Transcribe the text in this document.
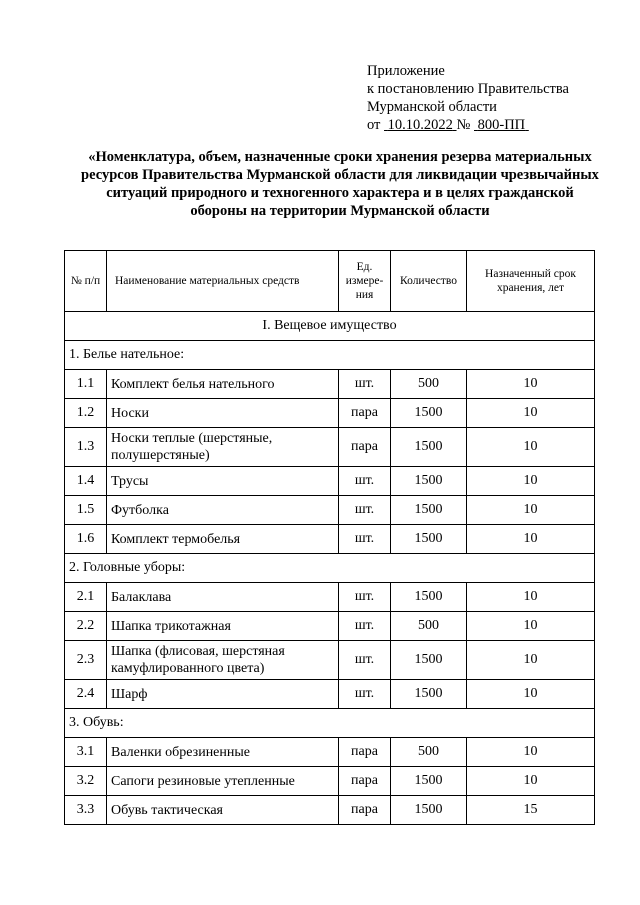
Приложение
к постановлению Правительства
Мурманской области
от 10.10.2022 № 800-ПП
«Номенклатура, объем, назначенные сроки хранения резерва материальных ресурсов Правительства Мурманской области для ликвидации чрезвычайных ситуаций природного и техногенного характера и в целях гражданской обороны на территории Мурманской области
№ п/п	Наименование материальных средств	Ед. измере-ния	Количество	Назначенный срок хранения, лет
I. Вещевое имущество				
1. Белье нательное:				
1.1	Комплект белья нательного	шт.	500	10
1.2	Носки	пара	1500	10
1.3	Носки теплые (шерстяные, полушерстяные)	пара	1500	10
1.4	Трусы	шт.	1500	10
1.5	Футболка	шт.	1500	10
1.6	Комплект термобелья	шт.	1500	10
2. Головные уборы:				
2.1	Балаклава	шт.	1500	10
2.2	Шапка трикотажная	шт.	500	10
2.3	Шапка (флисовая, шерстяная камуфлированного цвета)	шт.	1500	10
2.4	Шарф	шт.	1500	10
3. Обувь:				
3.1	Валенки обрезиненные	пара	500	10
3.2	Сапоги резиновые утепленные	пара	1500	10
3.3	Обувь тактическая	пара	1500	15
